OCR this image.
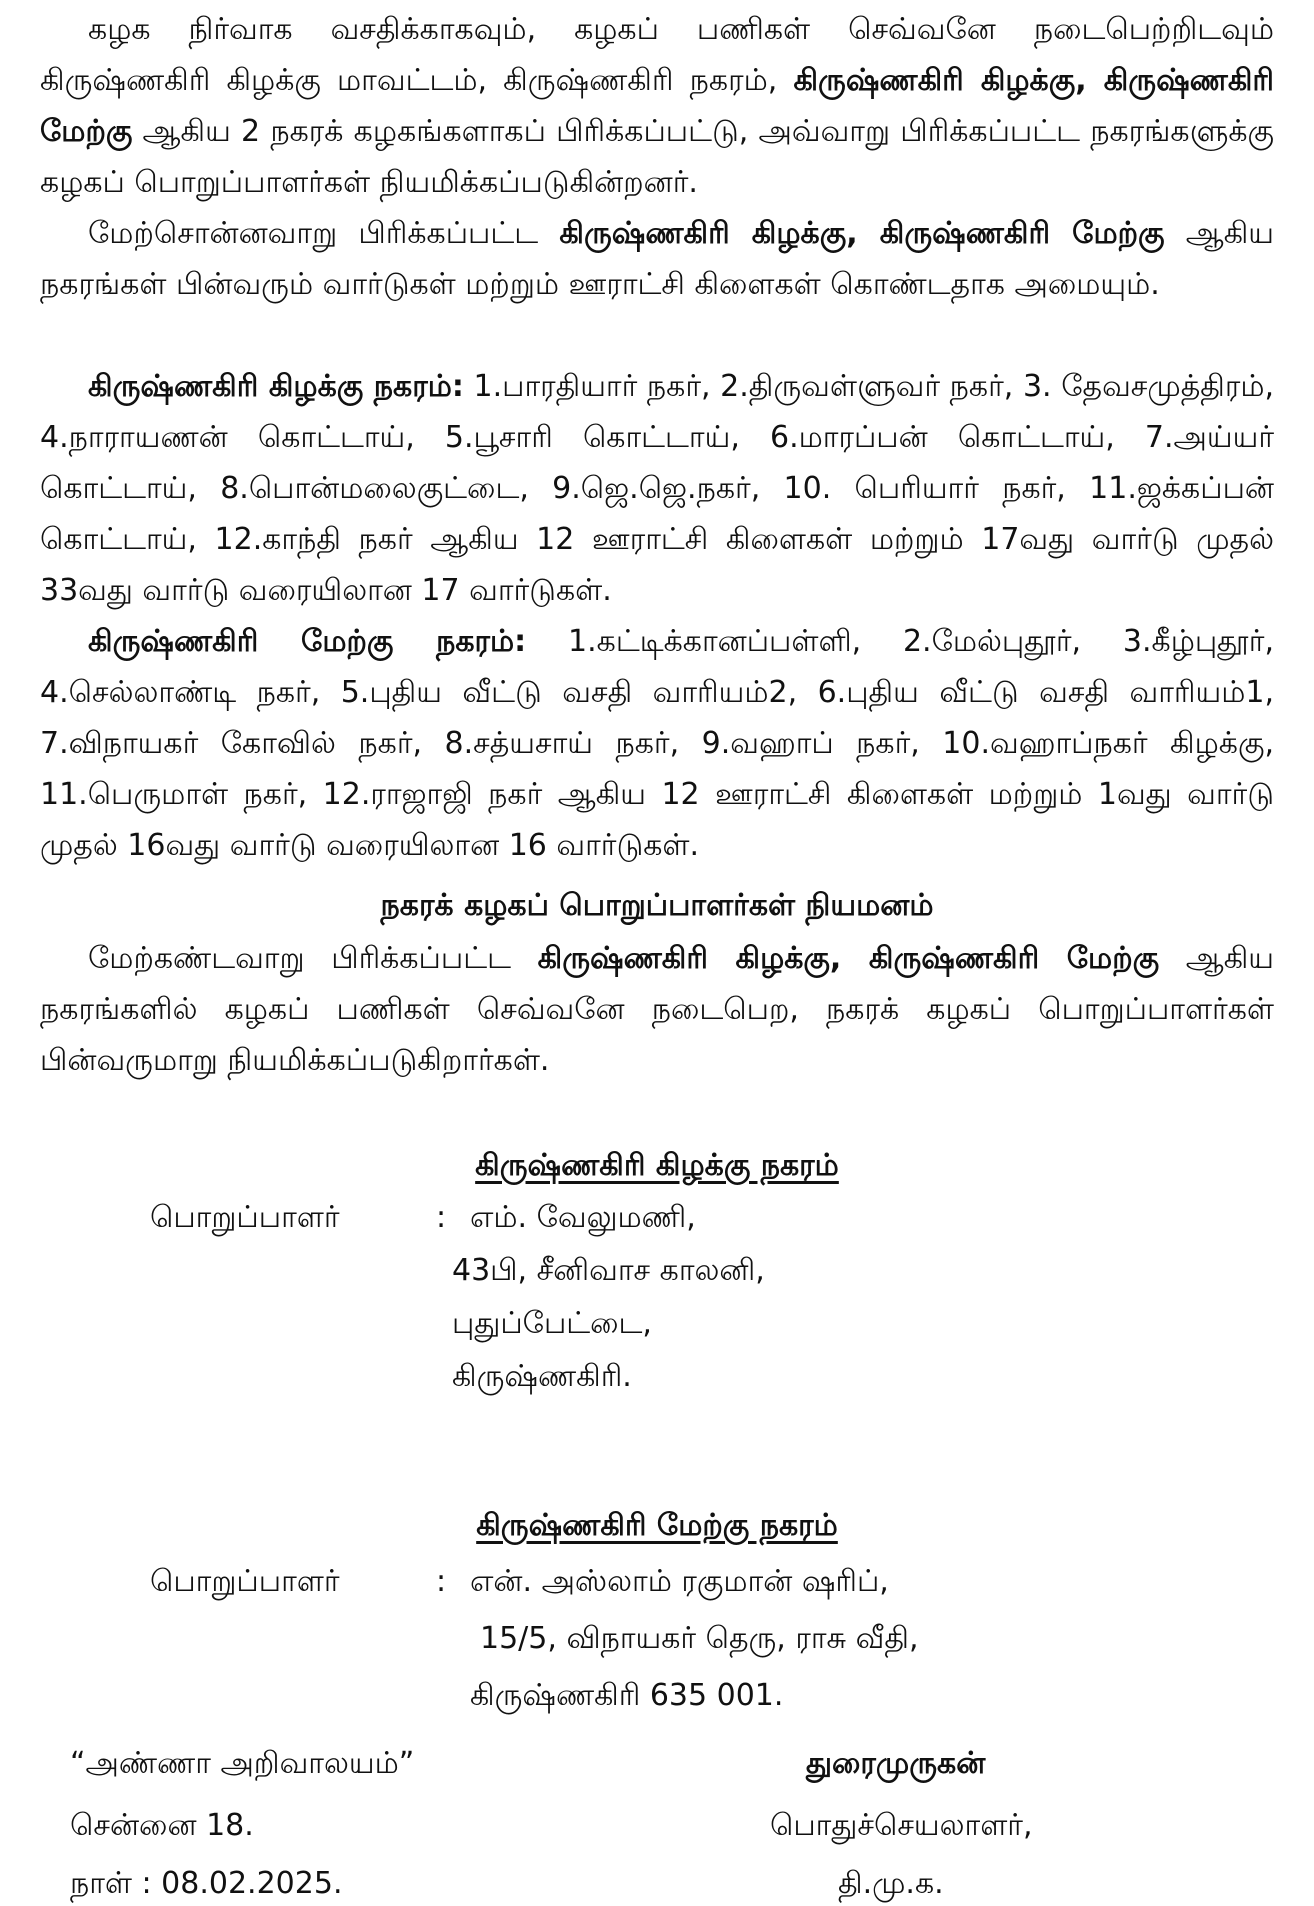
கழக நிர்வாக வசதிக்காகவும், கழகப் பணிகள் செவ்வனே நடைபெற்றிடவும் கிருஷ்ணகிரி கிழக்கு மாவட்டம், கிருஷ்ணகிரி நகரம், கிருஷ்ணகிரி கிழக்கு, கிருஷ்ணகிரி மேற்கு ஆகிய 2 நகரக் கழகங்களாகப் பிரிக்கப்பட்டு, அவ்வாறு பிரிக்கப்பட்ட நகரங்களுக்கு கழகப் பொறுப்பாளர்கள் நியமிக்கப்படுகின்றனர்.
மேற்சொன்னவாறு பிரிக்கப்பட்ட கிருஷ்ணகிரி கிழக்கு, கிருஷ்ணகிரி மேற்கு ஆகிய நகரங்கள் பின்வரும் வார்டுகள் மற்றும் ஊராட்சி கிளைகள் கொண்டதாக அமையும்.
கிருஷ்ணகிரி கிழக்கு நகரம்: 1.பாரதியார் நகர், 2.திருவள்ளுவர் நகர், 3. தேவசமுத்திரம், 4.நாராயணன் கொட்டாய், 5.பூசாரி கொட்டாய், 6.மாரப்பன் கொட்டாய், 7.அய்யர் கொட்டாய், 8.பொன்மலைகுட்டை, 9.ஜெ.ஜெ.நகர், 10. பெரியார் நகர், 11.ஜக்கப்பன் கொட்டாய், 12.காந்தி நகர் ஆகிய 12 ஊராட்சி கிளைகள் மற்றும் 17வது வார்டு முதல் 33வது வார்டு வரையிலான 17 வார்டுகள்.
கிருஷ்ணகிரி மேற்கு நகரம்: 1.கட்டிக்கானப்பள்ளி, 2.மேல்புதூர், 3.கீழ்புதூர், 4.செல்லாண்டி நகர், 5.புதிய வீட்டு வசதி வாரியம்2, 6.புதிய வீட்டு வசதி வாரியம்1, 7.விநாயகர் கோவில் நகர், 8.சத்யசாய் நகர், 9.வஹாப் நகர், 10.வஹாப்நகர் கிழக்கு, 11.பெருமாள் நகர், 12.ராஜாஜி நகர் ஆகிய 12 ஊராட்சி கிளைகள் மற்றும் 1வது வார்டு முதல் 16வது வார்டு வரையிலான 16 வார்டுகள்.
நகரக் கழகப் பொறுப்பாளர்கள் நியமனம்
மேற்கண்டவாறு பிரிக்கப்பட்ட கிருஷ்ணகிரி கிழக்கு, கிருஷ்ணகிரி மேற்கு ஆகிய நகரங்களில் கழகப் பணிகள் செவ்வனே நடைபெற, நகரக் கழகப் பொறுப்பாளர்கள் பின்வருமாறு நியமிக்கப்படுகிறார்கள்.
கிருஷ்ணகிரி கிழக்கு நகரம்
பொறுப்பாளர்	: எம். வேலுமணி,
43பி, சீனிவாச காலனி,
புதுப்பேட்டை,
கிருஷ்ணகிரி.
கிருஷ்ணகிரி மேற்கு நகரம்
பொறுப்பாளர்	: என். அஸ்லாம் ரகுமான் ஷரிப்,
15/5, விநாயகர் தெரு, ராசு வீதி,
கிருஷ்ணகிரி 635 001.
“அண்ணா அறிவாலயம்”
சென்னை 18.
நாள் : 08.02.2025.
துரைமுருகன்
பொதுச்செயலாளர்,
தி.மு.க.
